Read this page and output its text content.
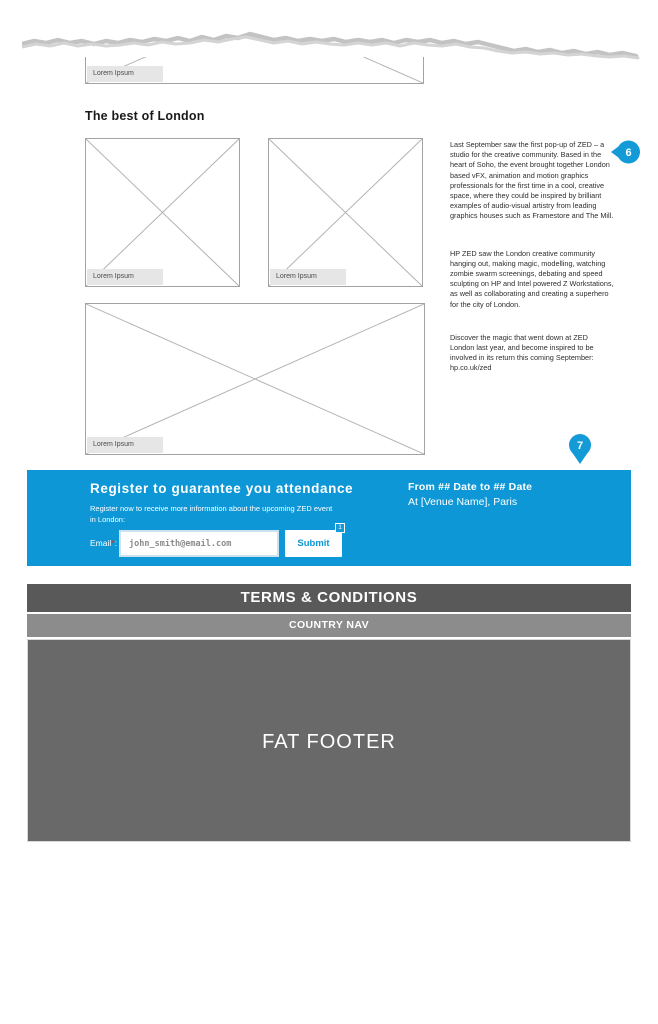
Lorem Ipsum
The best of London
Lorem Ipsum	Lorem Ipsum
Lorem Ipsum

Last September saw the first pop-up of ZED – a studio for the creative community. Based in the heart of Soho, the event brought together London based vFX, animation and motion graphics professionals for the first time in a cool, creative space, where they could be inspired by brilliant examples of audio-visual artistry from leading graphics houses such as Framestore and The Mill.

HP ZED saw the London creative community hanging out, making magic, modelling, watching zombie swarm screenings, debating and speed sculpting on HP and Intel powered Z Workstations, as well as collaborating and creating a superhero for the city of London.

Discover the magic that went down at ZED London last year, and become inspired to be involved in its return this coming September: hp.co.uk/zed

6
7
Register to guarantee you attendance
Register now to receive more information about the upcoming ZED event in London:
Email*:
john_smith@email.com	Submit
1
From ## Date to ## Date
At [Venue Name], Paris
TERMS & CONDITIONS
COUNTRY NAV
FAT FOOTER
